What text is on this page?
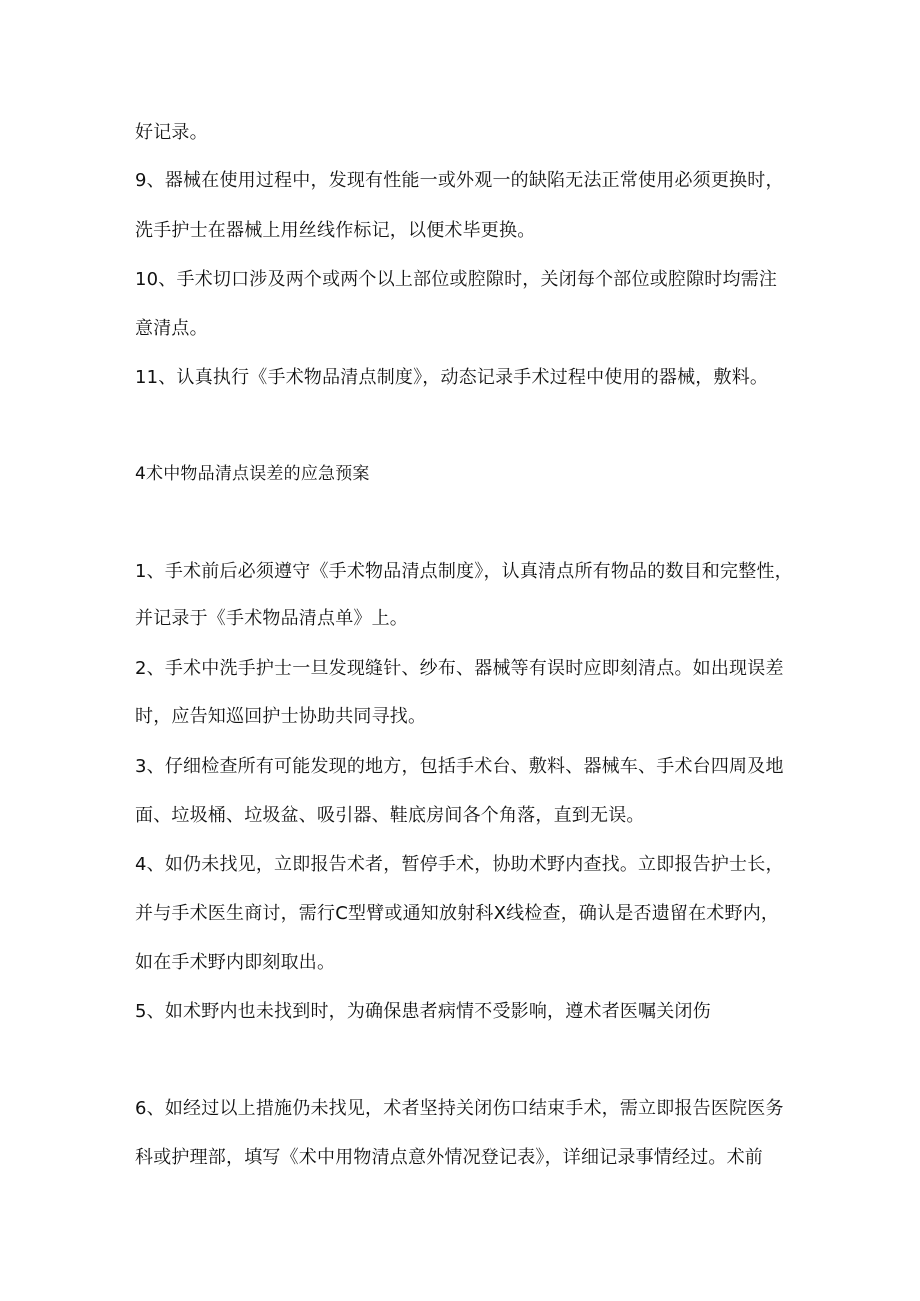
好记录。
9、器械在使用过程中，发现有性能一或外观一的缺陷无法正常使用必须更换时，
洗手护士在器械上用丝线作标记，以便术毕更换。
10、手术切口涉及两个或两个以上部位或腔隙时，关闭每个部位或腔隙时均需注
意清点。
11、认真执行《手术物品清点制度》，动态记录手术过程中使用的器械，敷料。
4术中物品清点误差的应急预案
1、手术前后必须遵守《手术物品清点制度》，认真清点所有物品的数目和完整性，
并记录于《手术物品清点单》上。
2、手术中洗手护士一旦发现缝针、纱布、器械等有误时应即刻清点。如出现误差
时，应告知巡回护士协助共同寻找。
3、仔细检查所有可能发现的地方，包括手术台、敷料、器械车、手术台四周及地
面、垃圾桶、垃圾盆、吸引器、鞋底房间各个角落，直到无误。
4、如仍未找见，立即报告术者，暂停手术，协助术野内查找。立即报告护士长，
并与手术医生商讨，需行C型臂或通知放射科X线检查，确认是否遗留在术野内，
如在手术野内即刻取出。
5、如术野内也未找到时，为确保患者病情不受影响，遵术者医嘱关闭伤
6、如经过以上措施仍未找见，术者坚持关闭伤口结束手术，需立即报告医院医务
科或护理部，填写《术中用物清点意外情况登记表》，详细记录事情经过。术前
